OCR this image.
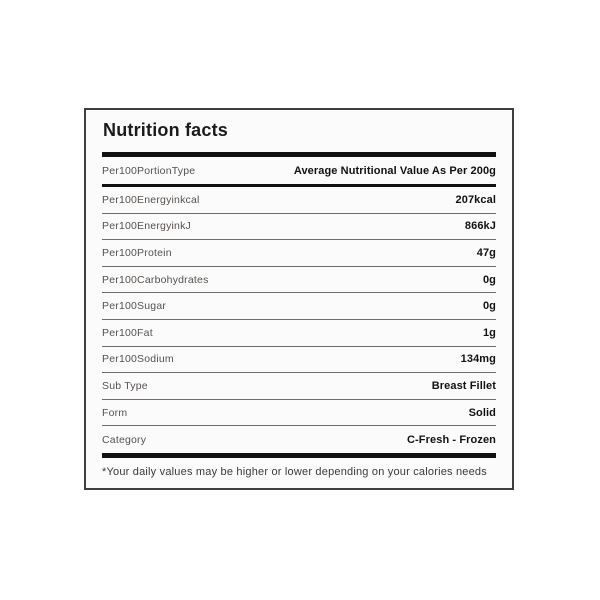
Nutrition facts
Per100PortionType	Average Nutritional Value As Per 200g
Per100Energyinkcal	207kcal
Per100EnergyinkJ	866kJ
Per100Protein	47g
Per100Carbohydrates	0g
Per100Sugar	0g
Per100Fat	1g
Per100Sodium	134mg
Sub Type	Breast Fillet
Form	Solid
Category	C-Fresh - Frozen
*Your daily values may be higher or lower depending on your calories needs
